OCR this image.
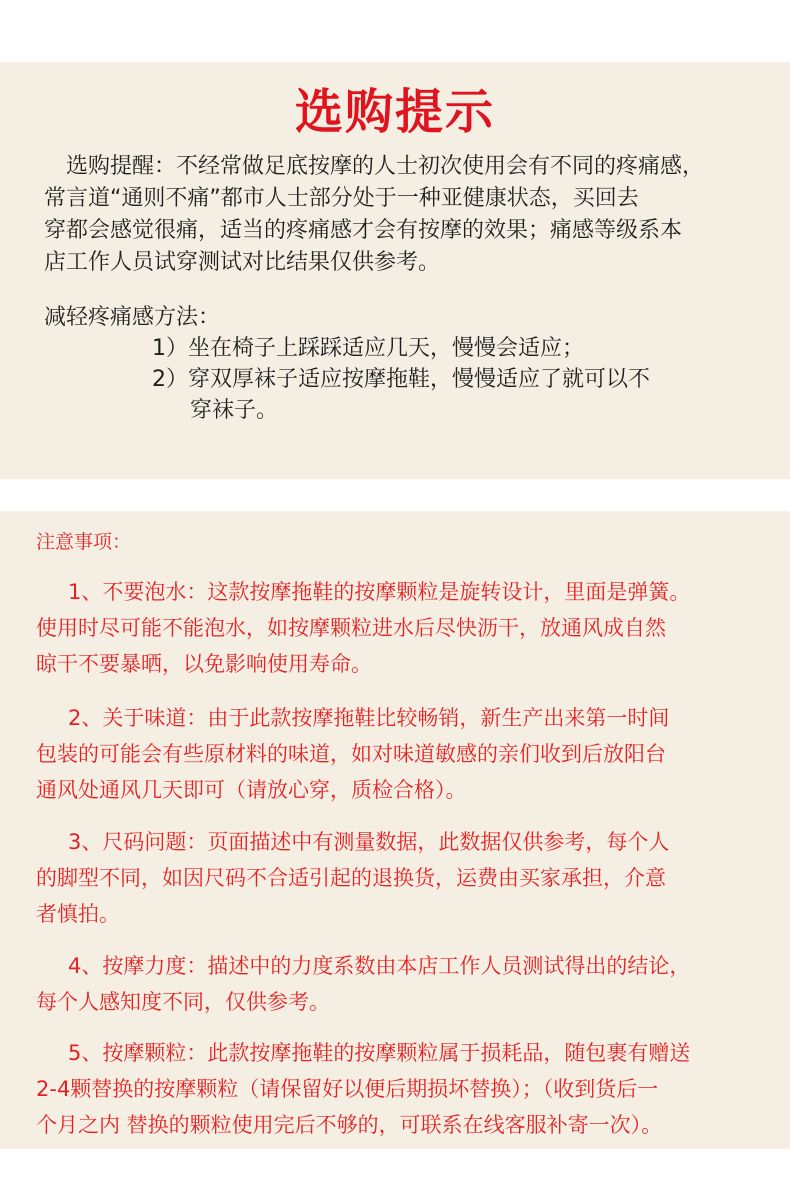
选购提示
选购提醒：不经常做足底按摩的人士初次使用会有不同的疼痛感，
常言道“通则不痛”都市人士部分处于一种亚健康状态，买回去
穿都会感觉很痛，适当的疼痛感才会有按摩的效果；痛感等级系本
店工作人员试穿测试对比结果仅供参考。
减轻疼痛感方法：
1）坐在椅子上踩踩适应几天，慢慢会适应；
2）穿双厚袜子适应按摩拖鞋，慢慢适应了就可以不
穿袜子。
注意事项：
1、不要泡水：这款按摩拖鞋的按摩颗粒是旋转设计，里面是弹簧。
使用时尽可能不能泡水，如按摩颗粒进水后尽快沥干，放通风成自然
晾干不要暴晒，以免影响使用寿命。
2、关于味道：由于此款按摩拖鞋比较畅销，新生产出来第一时间
包装的可能会有些原材料的味道，如对味道敏感的亲们收到后放阳台
通风处通风几天即可（请放心穿，质检合格）。
3、尺码问题：页面描述中有测量数据，此数据仅供参考，每个人
的脚型不同，如因尺码不合适引起的退换货，运费由买家承担，介意
者慎拍。
4、按摩力度：描述中的力度系数由本店工作人员测试得出的结论，
每个人感知度不同，仅供参考。
5、按摩颗粒：此款按摩拖鞋的按摩颗粒属于损耗品，随包裹有赠送
2-4颗替换的按摩颗粒（请保留好以便后期损坏替换）；（收到货后一
个月之内 替换的颗粒使用完后不够的，可联系在线客服补寄一次）。
